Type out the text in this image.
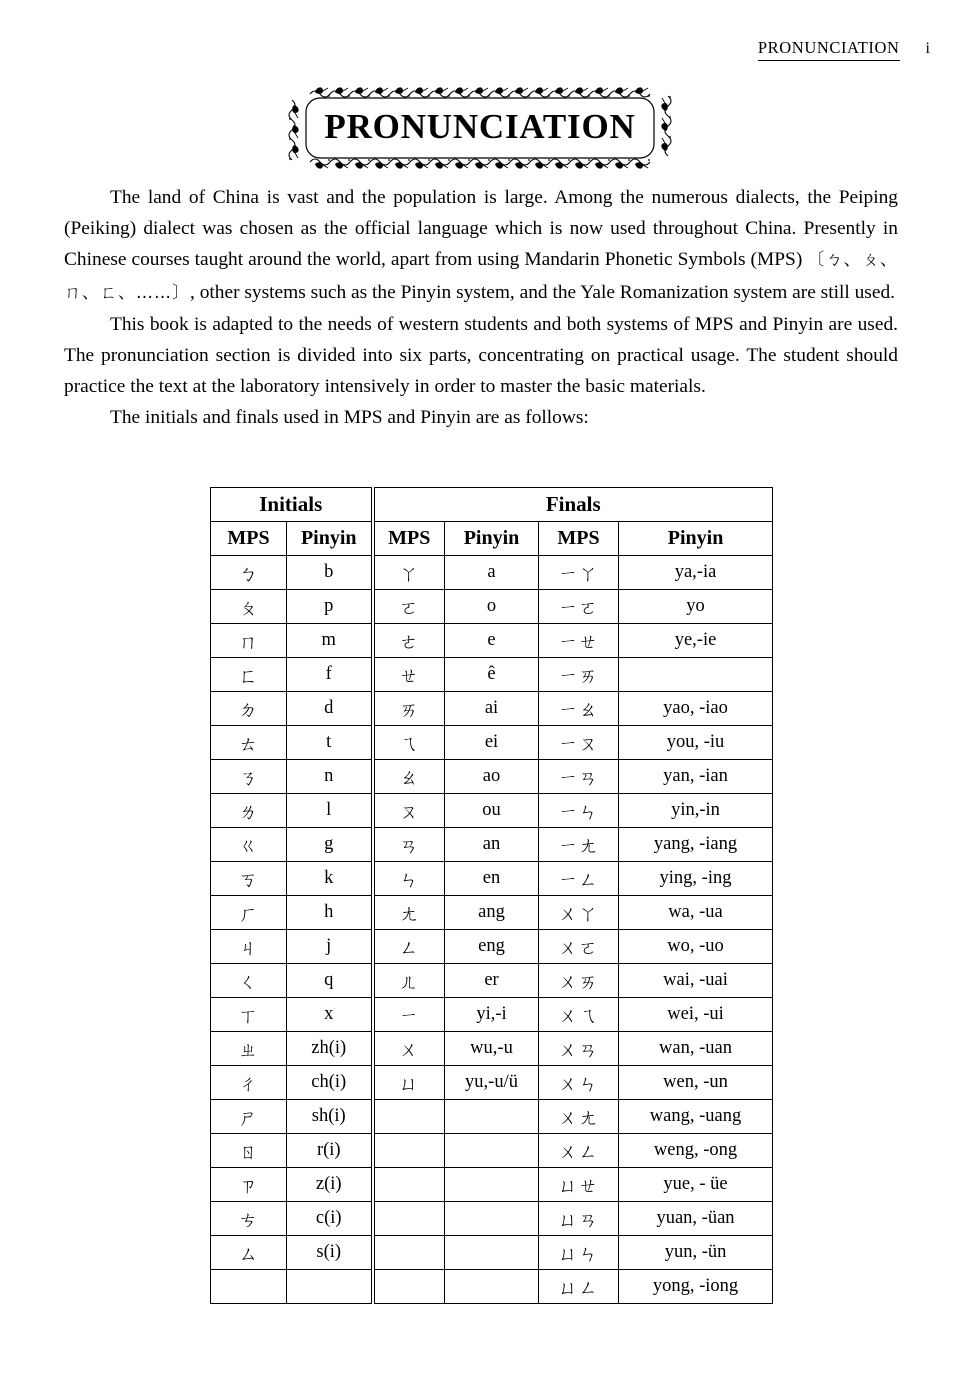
PRONUNCIATION i
PRONUNCIATION

The land of China is vast and the population is large. Among the numerous dialects, the Peiping (Peiking) dialect was chosen as the official language which is now used throughout China. Presently in Chinese courses taught around the world, apart from using Mandarin Phonetic Symbols (MPS) 〔ㄅ、ㄆ、ㄇ、ㄈ、……〕, other systems such as the Pinyin system, and the Yale Romanization system are still used.

This book is adapted to the needs of western students and both systems of MPS and Pinyin are used. The pronunciation section is divided into six parts, concentrating on practical usage. The student should practice the text at the laboratory intensively in order to master the basic materials.

The initials and finals used in MPS and Pinyin are as follows:

Initials		Finals			
MPS	Pinyin	MPS	Pinyin	MPS	Pinyin
ㄅ	b	ㄚ	a	ㄧㄚ	ya,-ia
ㄆ	p	ㄛ	o	ㄧㄛ	yo
ㄇ	m	ㄜ	e	ㄧㄝ	ye,-ie
ㄈ	f	ㄝ	ê	ㄧㄞ	
ㄉ	d	ㄞ	ai	ㄧㄠ	yao, -iao
ㄊ	t	ㄟ	ei	ㄧㄡ	you, -iu
ㄋ	n	ㄠ	ao	ㄧㄢ	yan, -ian
ㄌ	l	ㄡ	ou	ㄧㄣ	yin,-in
ㄍ	g	ㄢ	an	ㄧㄤ	yang, -iang
ㄎ	k	ㄣ	en	ㄧㄥ	ying, -ing
ㄏ	h	ㄤ	ang	ㄨㄚ	wa, -ua
ㄐ	j	ㄥ	eng	ㄨㄛ	wo, -uo
ㄑ	q	ㄦ	er	ㄨㄞ	wai, -uai
ㄒ	x	ㄧ	yi,-i	ㄨㄟ	wei, -ui
ㄓ	zh(i)	ㄨ	wu,-u	ㄨㄢ	wan, -uan
ㄔ	ch(i)	ㄩ	yu,-u/ü	ㄨㄣ	wen, -un
ㄕ	sh(i)			ㄨㄤ	wang, -uang
ㄖ	r(i)			ㄨㄥ	weng, -ong
ㄗ	z(i)			ㄩㄝ	yue, - üe
ㄘ	c(i)			ㄩㄢ	yuan, -üan
ㄙ	s(i)			ㄩㄣ	yun, -ün
				ㄩㄥ	yong, -iong
